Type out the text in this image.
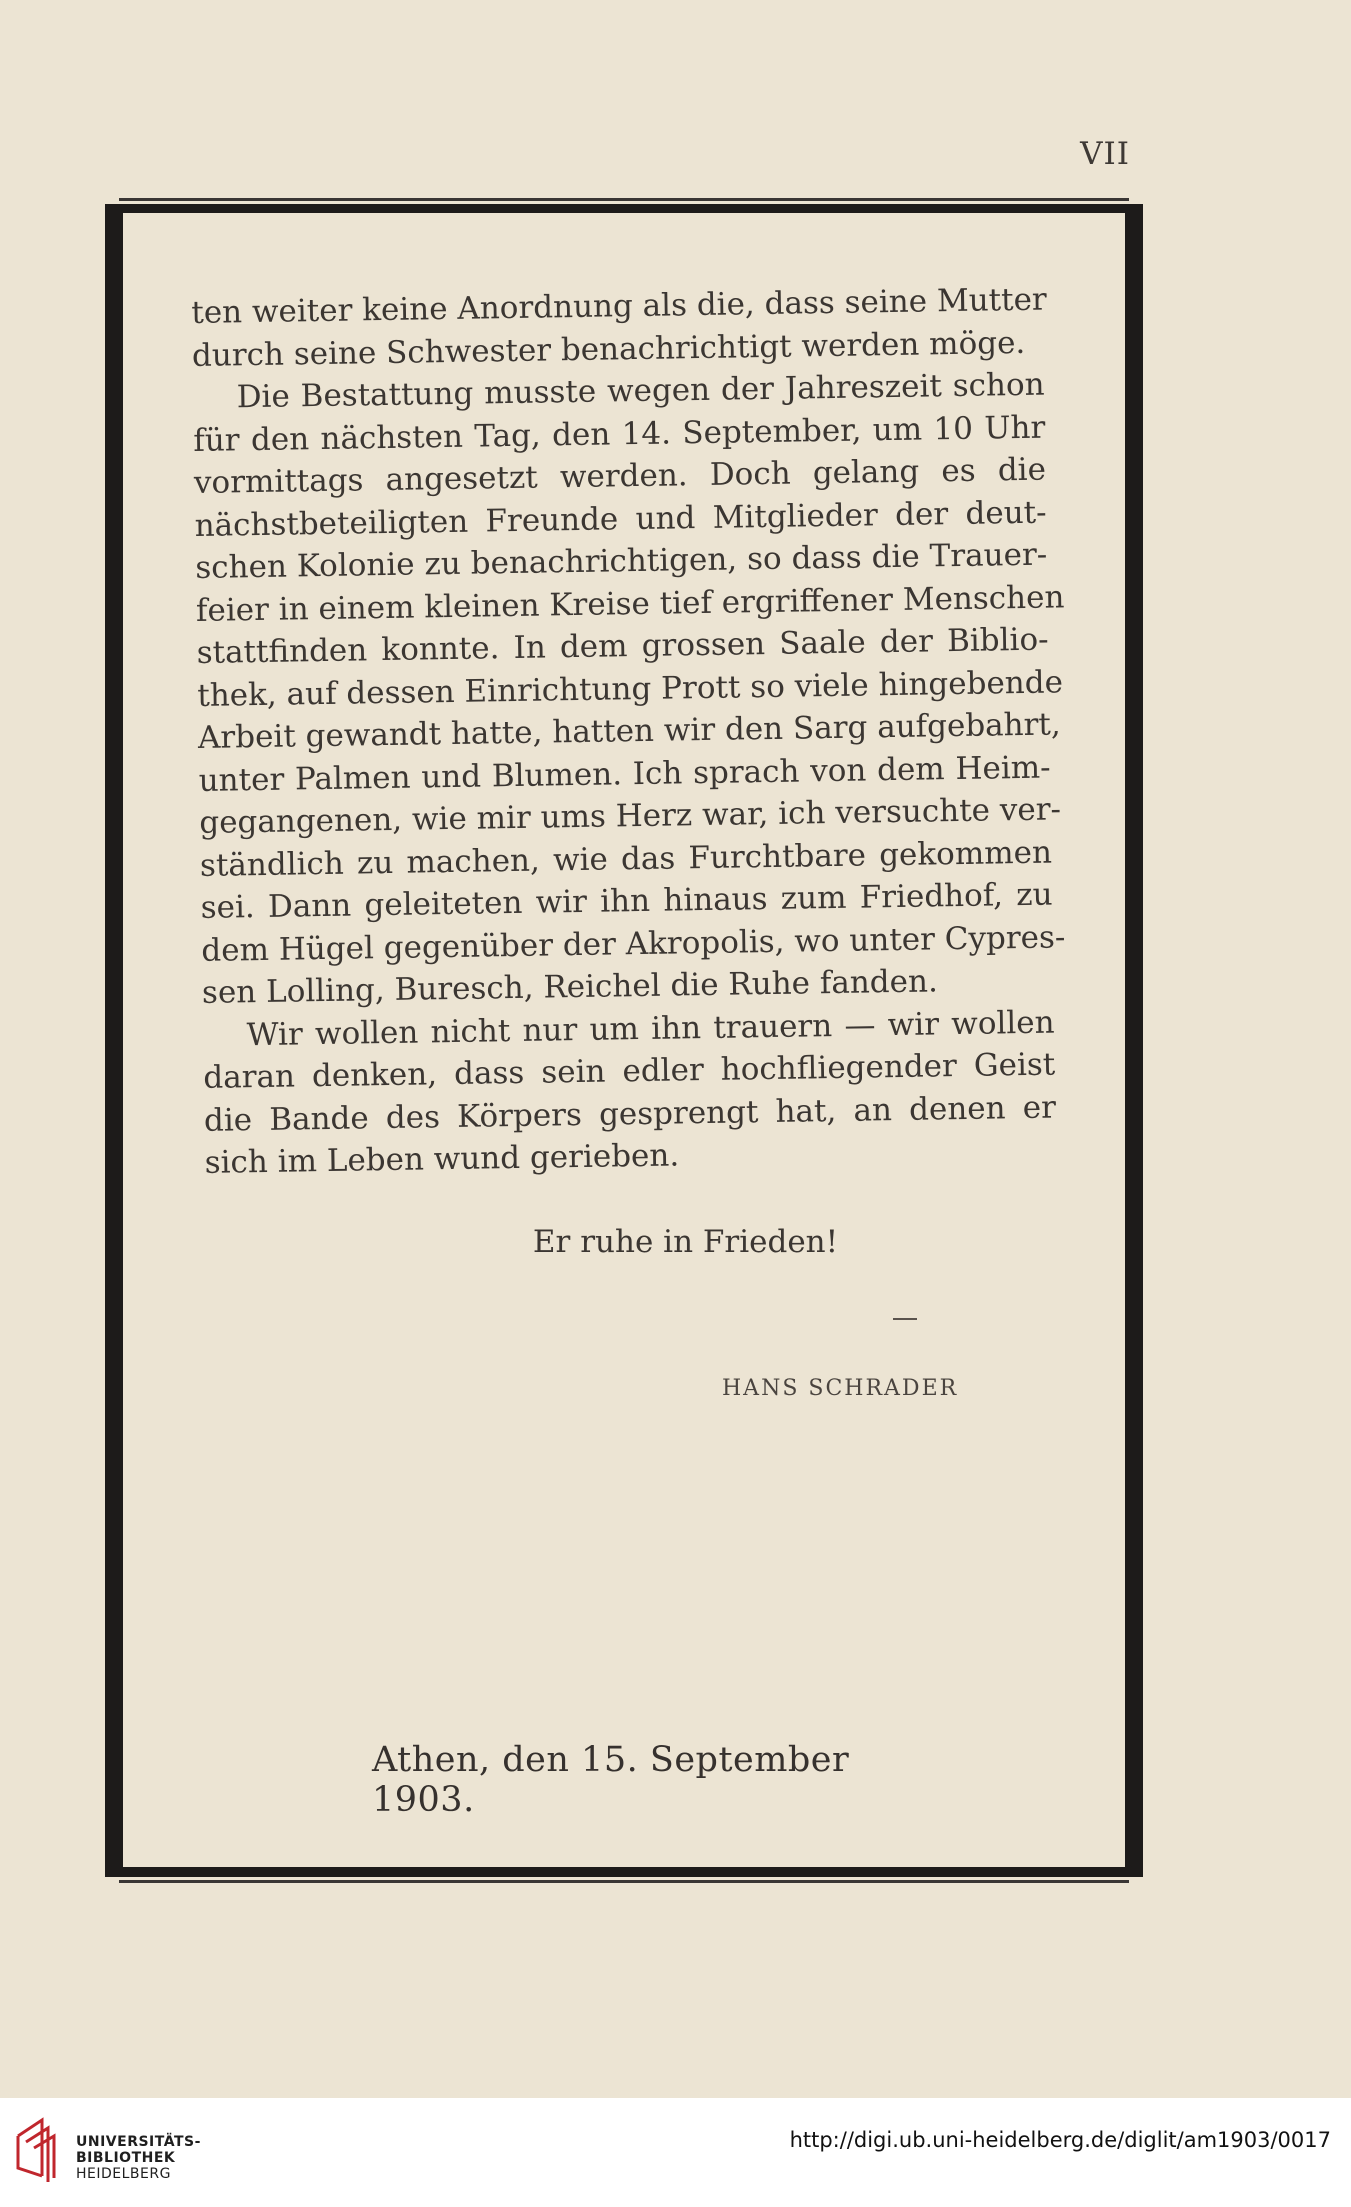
VII
ten weiter keine Anordnung als die, dass seine Mutter
durch seine Schwester benachrichtigt werden möge.
Die Bestattung musste wegen der Jahreszeit schon
für den nächsten Tag, den 14. September, um 10 Uhr
vormittags angesetzt werden. Doch gelang es die
nächstbeteiligten Freunde und Mitglieder der deut-
schen Kolonie zu benachrichtigen, so dass die Trauer-
feier in einem kleinen Kreise tief ergriffener Menschen
stattfinden konnte. In dem grossen Saale der Biblio-
thek, auf dessen Einrichtung Prott so viele hingebende
Arbeit gewandt hatte, hatten wir den Sarg aufgebahrt,
unter Palmen und Blumen. Ich sprach von dem Heim-
gegangenen, wie mir ums Herz war, ich versuchte ver-
ständlich zu machen, wie das Furchtbare gekommen
sei. Dann geleiteten wir ihn hinaus zum Friedhof, zu
dem Hügel gegenüber der Akropolis, wo unter Cypres-
sen Lolling, Buresch, Reichel die Ruhe fanden.
Wir wollen nicht nur um ihn trauern — wir wollen
daran denken, dass sein edler hochfliegender Geist
die Bande des Körpers gesprengt hat, an denen er
sich im Leben wund gerieben.
Er ruhe in Frieden!
HANS SCHRADER
Athen, den 15. September 1903.
UNIVERSITÄTS-
BIBLIOTHEK
HEIDELBERG
http://digi.ub.uni-heidelberg.de/diglit/am1903/0017
